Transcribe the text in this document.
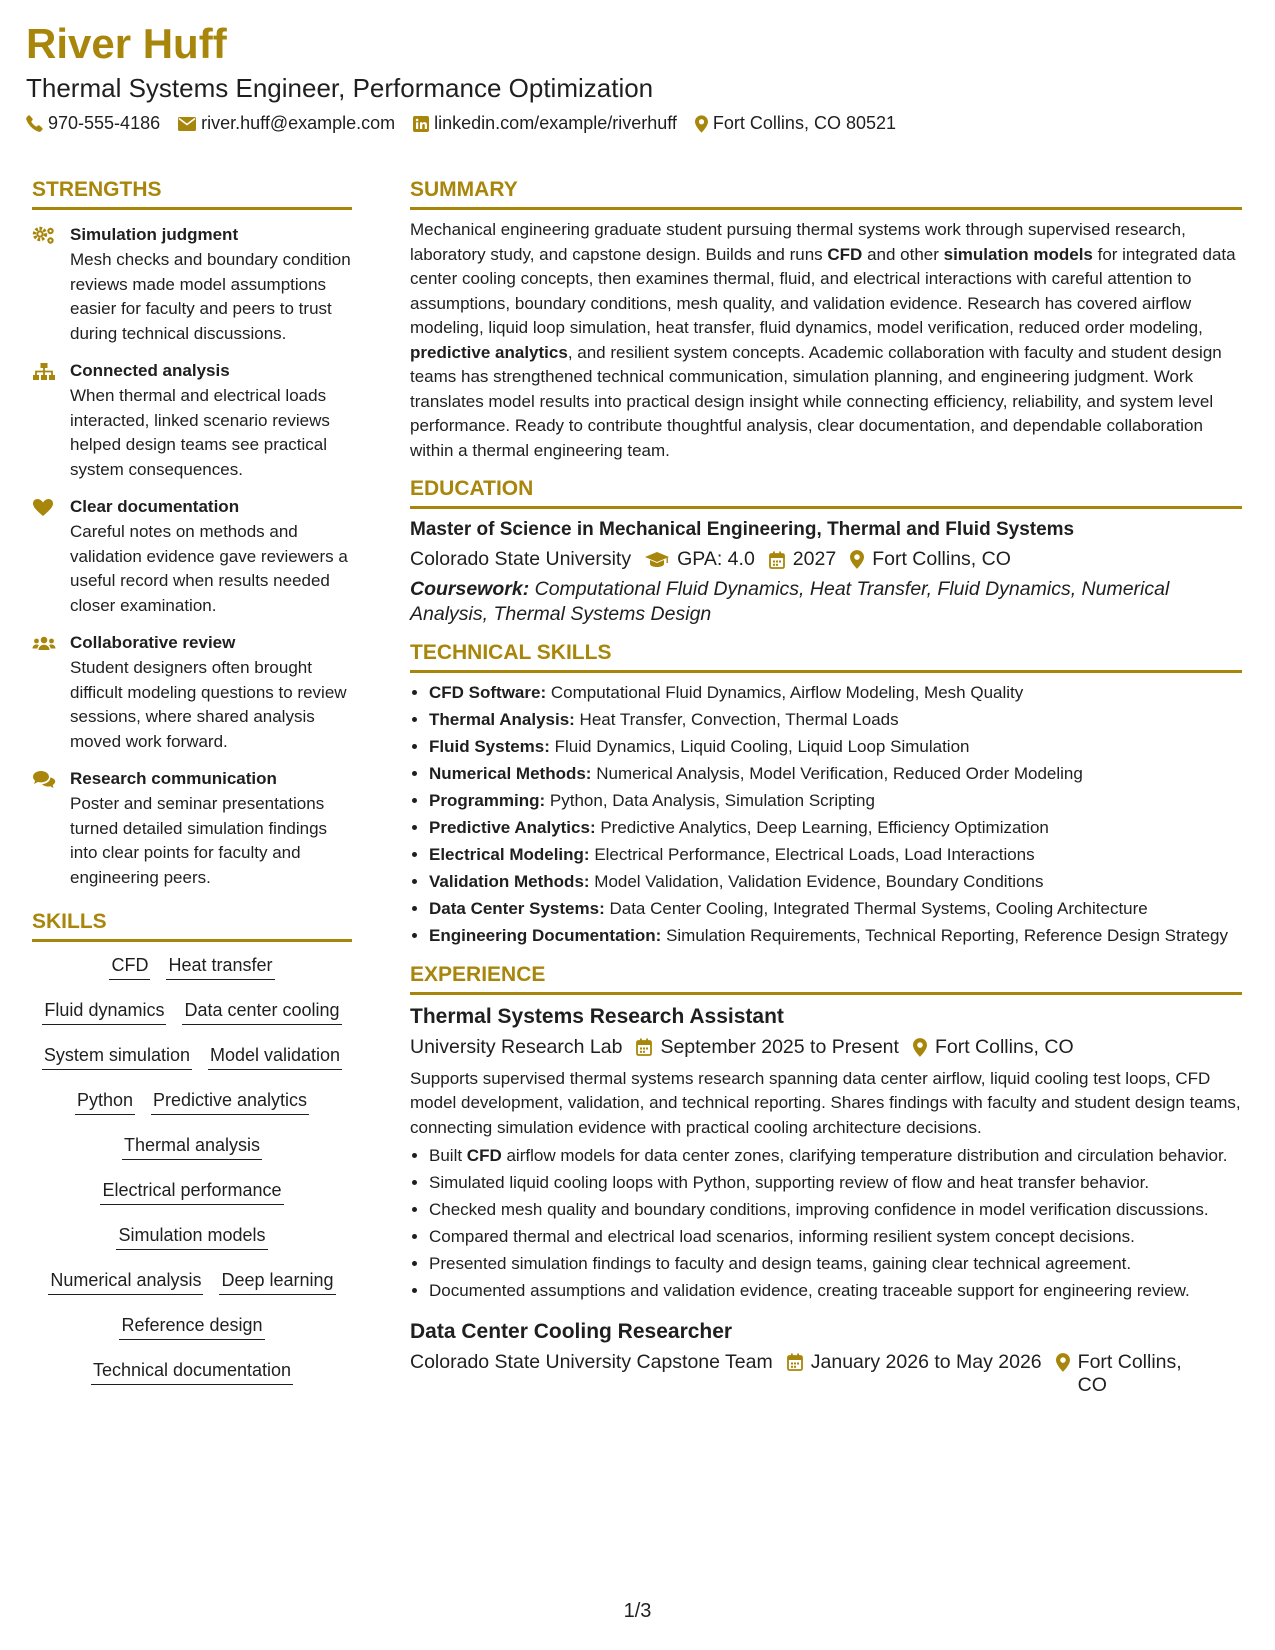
River Huff
Thermal Systems Engineer, Performance Optimization
970-555-4186 river.huff@example.com linkedin.com/example/riverhuff Fort Collins, CO 80521
STRENGTHS
Simulation judgment
Mesh checks and boundary condition reviews made model assumptions easier for faculty and peers to trust during technical discussions.
Connected analysis
When thermal and electrical loads interacted, linked scenario reviews helped design teams see practical system consequences.
Clear documentation
Careful notes on methods and validation evidence gave reviewers a useful record when results needed closer examination.
Collaborative review
Student designers often brought difficult modeling questions to review sessions, where shared analysis moved work forward.
Research communication
Poster and seminar presentations turned detailed simulation findings into clear points for faculty and engineering peers.
SKILLS
CFD Heat transfer
Fluid dynamics Data center cooling
System simulation Model validation
Python Predictive analytics
Thermal analysis
Electrical performance
Simulation models
Numerical analysis Deep learning
Reference design
Technical documentation
SUMMARY
Mechanical engineering graduate student pursuing thermal systems work through supervised research, laboratory study, and capstone design. Builds and runs CFD and other simulation models for integrated data center cooling concepts, then examines thermal, fluid, and electrical interactions with careful attention to assumptions, boundary conditions, mesh quality, and validation evidence. Research has covered airflow modeling, liquid loop simulation, heat transfer, fluid dynamics, model verification, reduced order modeling, predictive analytics, and resilient system concepts. Academic collaboration with faculty and student design teams has strengthened technical communication, simulation planning, and engineering judgment. Work translates model results into practical design insight while connecting efficiency, reliability, and system level performance. Ready to contribute thoughtful analysis, clear documentation, and dependable collaboration within a thermal engineering team.
EDUCATION
Master of Science in Mechanical Engineering, Thermal and Fluid Systems
Colorado State University GPA: 4.0 2027 Fort Collins, CO
Coursework: Computational Fluid Dynamics, Heat Transfer, Fluid Dynamics, Numerical Analysis, Thermal Systems Design
TECHNICAL SKILLS
• CFD Software: Computational Fluid Dynamics, Airflow Modeling, Mesh Quality
• Thermal Analysis: Heat Transfer, Convection, Thermal Loads
• Fluid Systems: Fluid Dynamics, Liquid Cooling, Liquid Loop Simulation
• Numerical Methods: Numerical Analysis, Model Verification, Reduced Order Modeling
• Programming: Python, Data Analysis, Simulation Scripting
• Predictive Analytics: Predictive Analytics, Deep Learning, Efficiency Optimization
• Electrical Modeling: Electrical Performance, Electrical Loads, Load Interactions
• Validation Methods: Model Validation, Validation Evidence, Boundary Conditions
• Data Center Systems: Data Center Cooling, Integrated Thermal Systems, Cooling Architecture
• Engineering Documentation: Simulation Requirements, Technical Reporting, Reference Design Strategy
EXPERIENCE
Thermal Systems Research Assistant
University Research Lab September 2025 to Present Fort Collins, CO
Supports supervised thermal systems research spanning data center airflow, liquid cooling test loops, CFD model development, validation, and technical reporting. Shares findings with faculty and student design teams, connecting simulation evidence with practical cooling architecture decisions.
• Built CFD airflow models for data center zones, clarifying temperature distribution and circulation behavior.
• Simulated liquid cooling loops with Python, supporting review of flow and heat transfer behavior.
• Checked mesh quality and boundary conditions, improving confidence in model verification discussions.
• Compared thermal and electrical load scenarios, informing resilient system concept decisions.
• Presented simulation findings to faculty and design teams, gaining clear technical agreement.
• Documented assumptions and validation evidence, creating traceable support for engineering review.
Data Center Cooling Researcher
Colorado State University Capstone Team January 2026 to May 2026 Fort Collins,
CO
1/3
